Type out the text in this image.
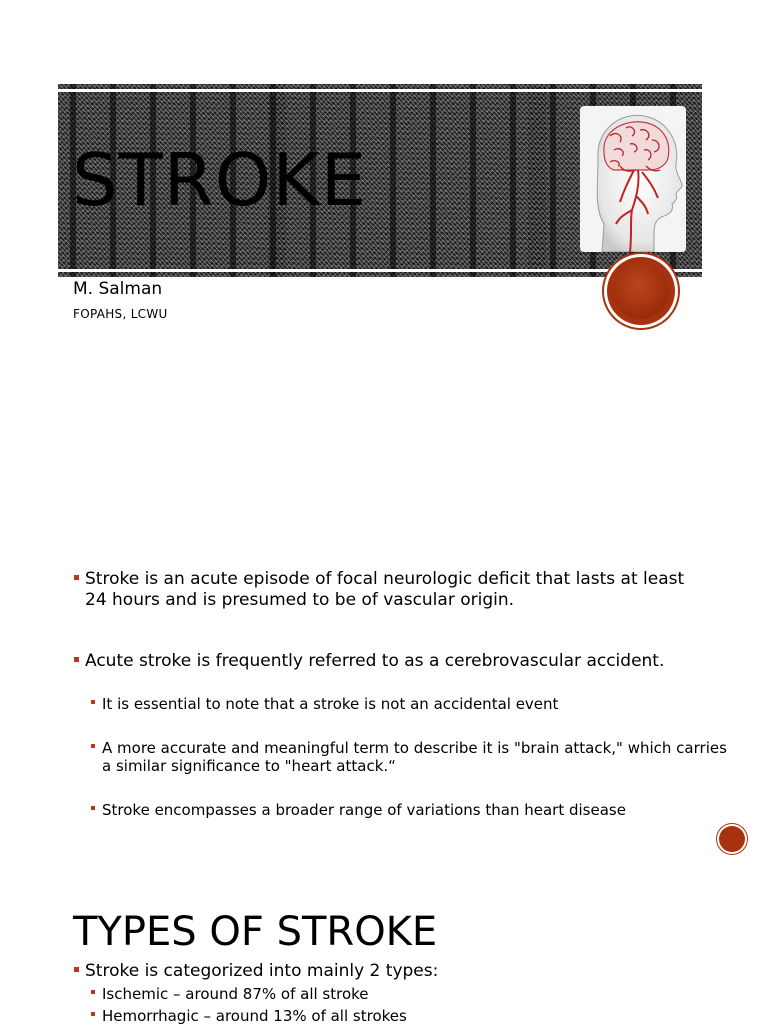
STROKE
M. Salman
FOPAHS, LCWU
Stroke is an acute episode of focal neurologic deficit that lasts at least 24 hours and is presumed to be of vascular origin.
Acute stroke is frequently referred to as a cerebrovascular accident.
It is essential to note that a stroke is not an accidental event
A more accurate and meaningful term to describe it is "brain attack," which carries a similar significance to "heart attack.“
Stroke encompasses a broader range of variations than heart disease
TYPES OF STROKE
Stroke is categorized into mainly 2 types:
Ischemic – around 87% of all stroke
Hemorrhagic – around 13% of all strokes
